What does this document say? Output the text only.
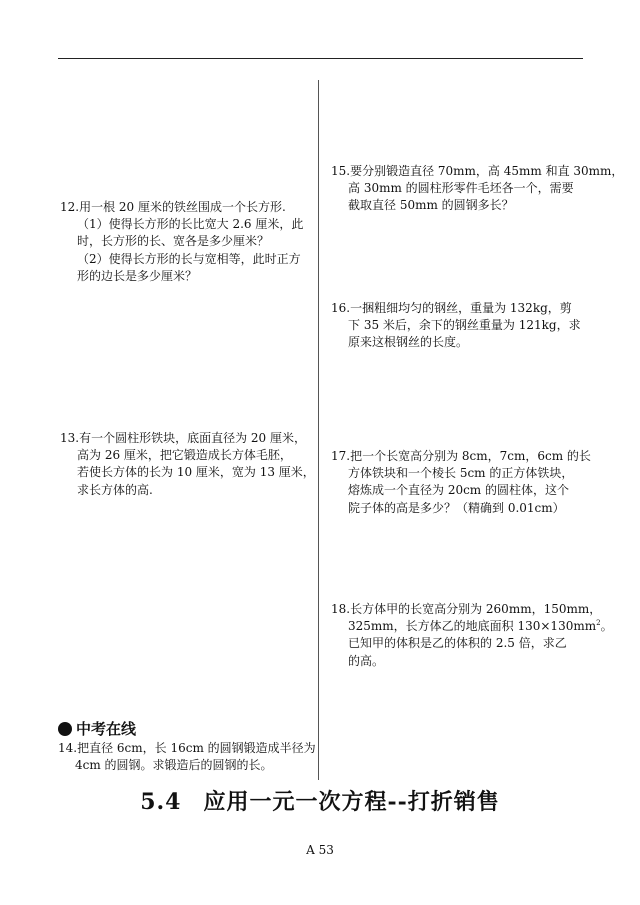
12.用一根 20 厘米的铁丝围成一个长方形.
（1）使得长方形的长比宽大 2.6 厘米，此
时，长方形的长、宽各是多少厘米？
（2）使得长方形的长与宽相等，此时正方
形的边长是多少厘米？
13.有一个圆柱形铁块，底面直径为 20 厘米，
高为 26 厘米，把它锻造成长方体毛胚，
若使长方体的长为 10 厘米，宽为 13 厘米，
求长方体的高.
中考在线
14.把直径 6cm，长 16cm 的圆钢锻造成半径为
4cm 的圆钢。求锻造后的圆钢的长。
15.要分别锻造直径 70mm，高 45mm 和直 30mm，
高 30mm 的圆柱形零件毛坯各一个，需要
截取直径 50mm 的圆钢多长？
16.一捆粗细均匀的钢丝，重量为 132kg，剪
下 35 米后，余下的钢丝重量为 121kg，求
原来这根钢丝的长度。
17.把一个长宽高分别为 8cm，7cm，6cm 的长
方体铁块和一个棱长 5cm 的正方体铁块，
熔炼成一个直径为 20cm 的圆柱体，这个
院子体的高是多少？（精确到 0.01cm）
18.长方体甲的长宽高分别为 260mm，150mm，
325mm，长方体乙的地底面积 $130\times 130mm^2$。
已知甲的体积是乙的体积的 2.5 倍，求乙
的高。
5.4 应用一元一次方程--打折销售
A 53
